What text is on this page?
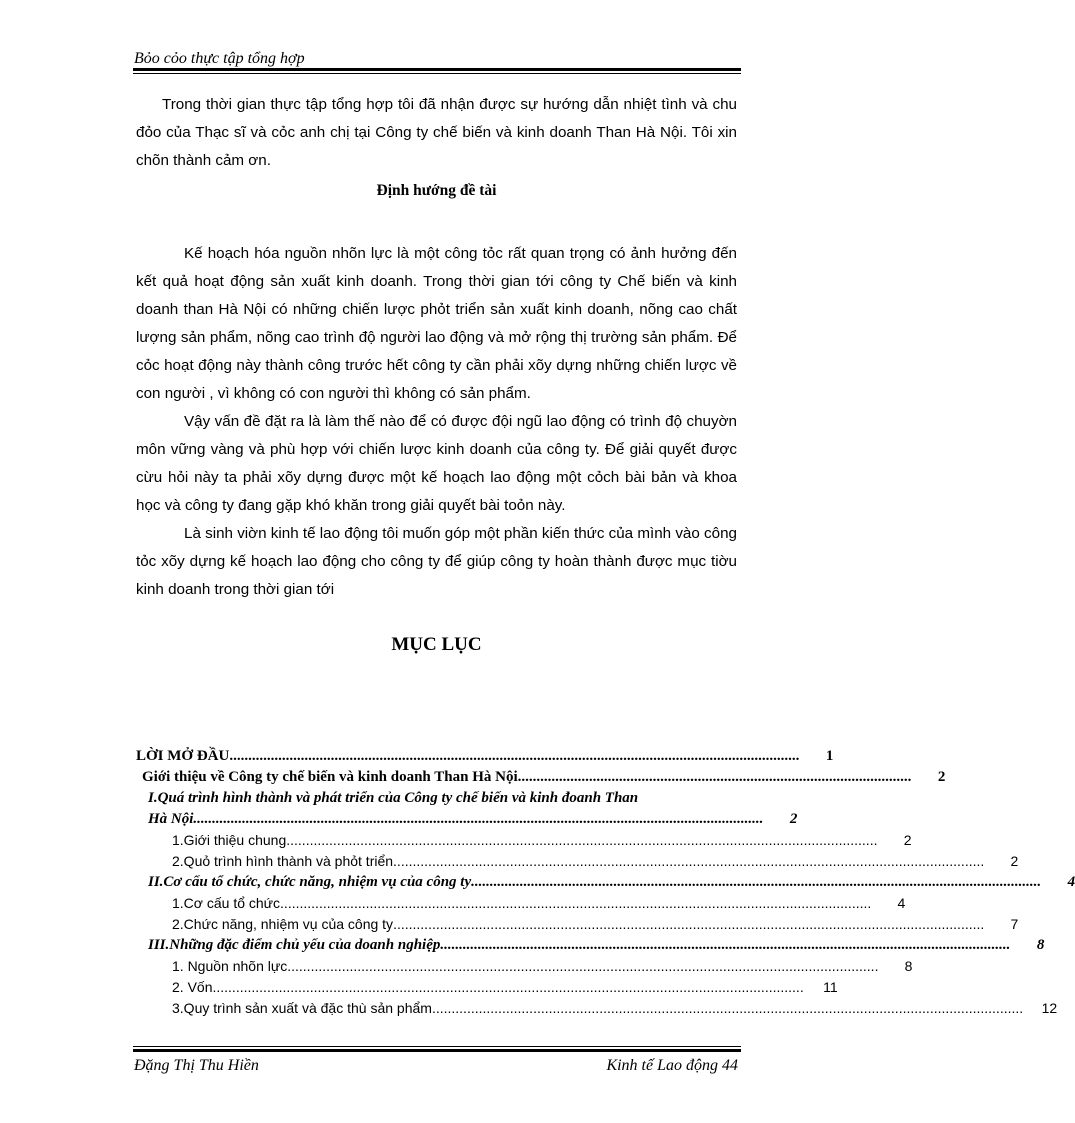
Bỏo cỏo thực tập tổng hợp

Trong thời gian thực tập tổng hợp tôi đã nhận được sự hướng dẫn nhiệt tình và chu đỏo của Thạc sĩ và cỏc anh chị tại Công ty chế biến và kinh doanh Than Hà Nội. Tôi xin chõn thành cảm ơn.

Định hướng đề tài

Kế hoạch hóa nguồn nhõn lực là một công tỏc rất quan trọng có ảnh hưởng đến kết quả hoạt động sản xuất kinh doanh. Trong thời gian tới công ty Chế biến và kinh doanh than Hà Nội có những chiến lược phỏt triển sản xuất kinh doanh, nõng cao chất lượng sản phẩm, nõng cao trình độ người lao động và mở rộng thị trường sản phẩm. Để cỏc hoạt động này thành công trước hết công ty cần phải xõy dựng những chiến lược về con người , vì không có con người thì không có sản phẩm.

Vậy vấn đề đặt ra là làm thế nào để có được đội ngũ lao động có trình độ chuyờn môn vững vàng và phù hợp với chiến lược kinh doanh của công ty. Để giải quyết được cừu hỏi này ta phải xõy dựng được một kế hoạch lao động một cỏch bài bản và khoa học và công ty đang gặp khó khăn trong giải quyết bài toỏn này.

Là sinh viờn kinh tế lao động tôi muốn góp một phần kiến thức của mình vào công tỏc xõy dựng kế hoạch lao động cho công ty để giúp công ty hoàn thành được mục tiờu kinh doanh trong thời gian tới

MỤC LỤC
LỜI MỞ ĐẦU ........................................................................................................................................................	1
Giới thiệu về Công ty chế biến và kinh doanh Than Hà Nội .........................................................................................................	2
I.Quá trình hình thành và phát triển của Công ty chế biến và kinh đoanh Than
Hà Nội ........................................................................................................................................................	2
1.Giới thiệu chung ........................................................................................................................................................	2
2.Quỏ trình hình thành và phỏt triển ........................................................................................................................................................	2
II.Cơ cấu tổ chức, chức năng, nhiệm vụ của công ty ........................................................................................................................................................	4
1.Cơ cấu tổ chức ........................................................................................................................................................	4
2.Chức năng, nhiệm vụ của công ty ........................................................................................................................................................	7
III.Những đặc điểm chủ yếu của doanh nghiệp ........................................................................................................................................................	8
1. Nguồn nhõn lực ........................................................................................................................................................	8
2. Vốn ........................................................................................................................................................	11
3.Quy trình sản xuất và đặc thù sản phẩm ........................................................................................................................................................	12
Đặng Thị Thu Hiền	Kinh tế Lao động 44
